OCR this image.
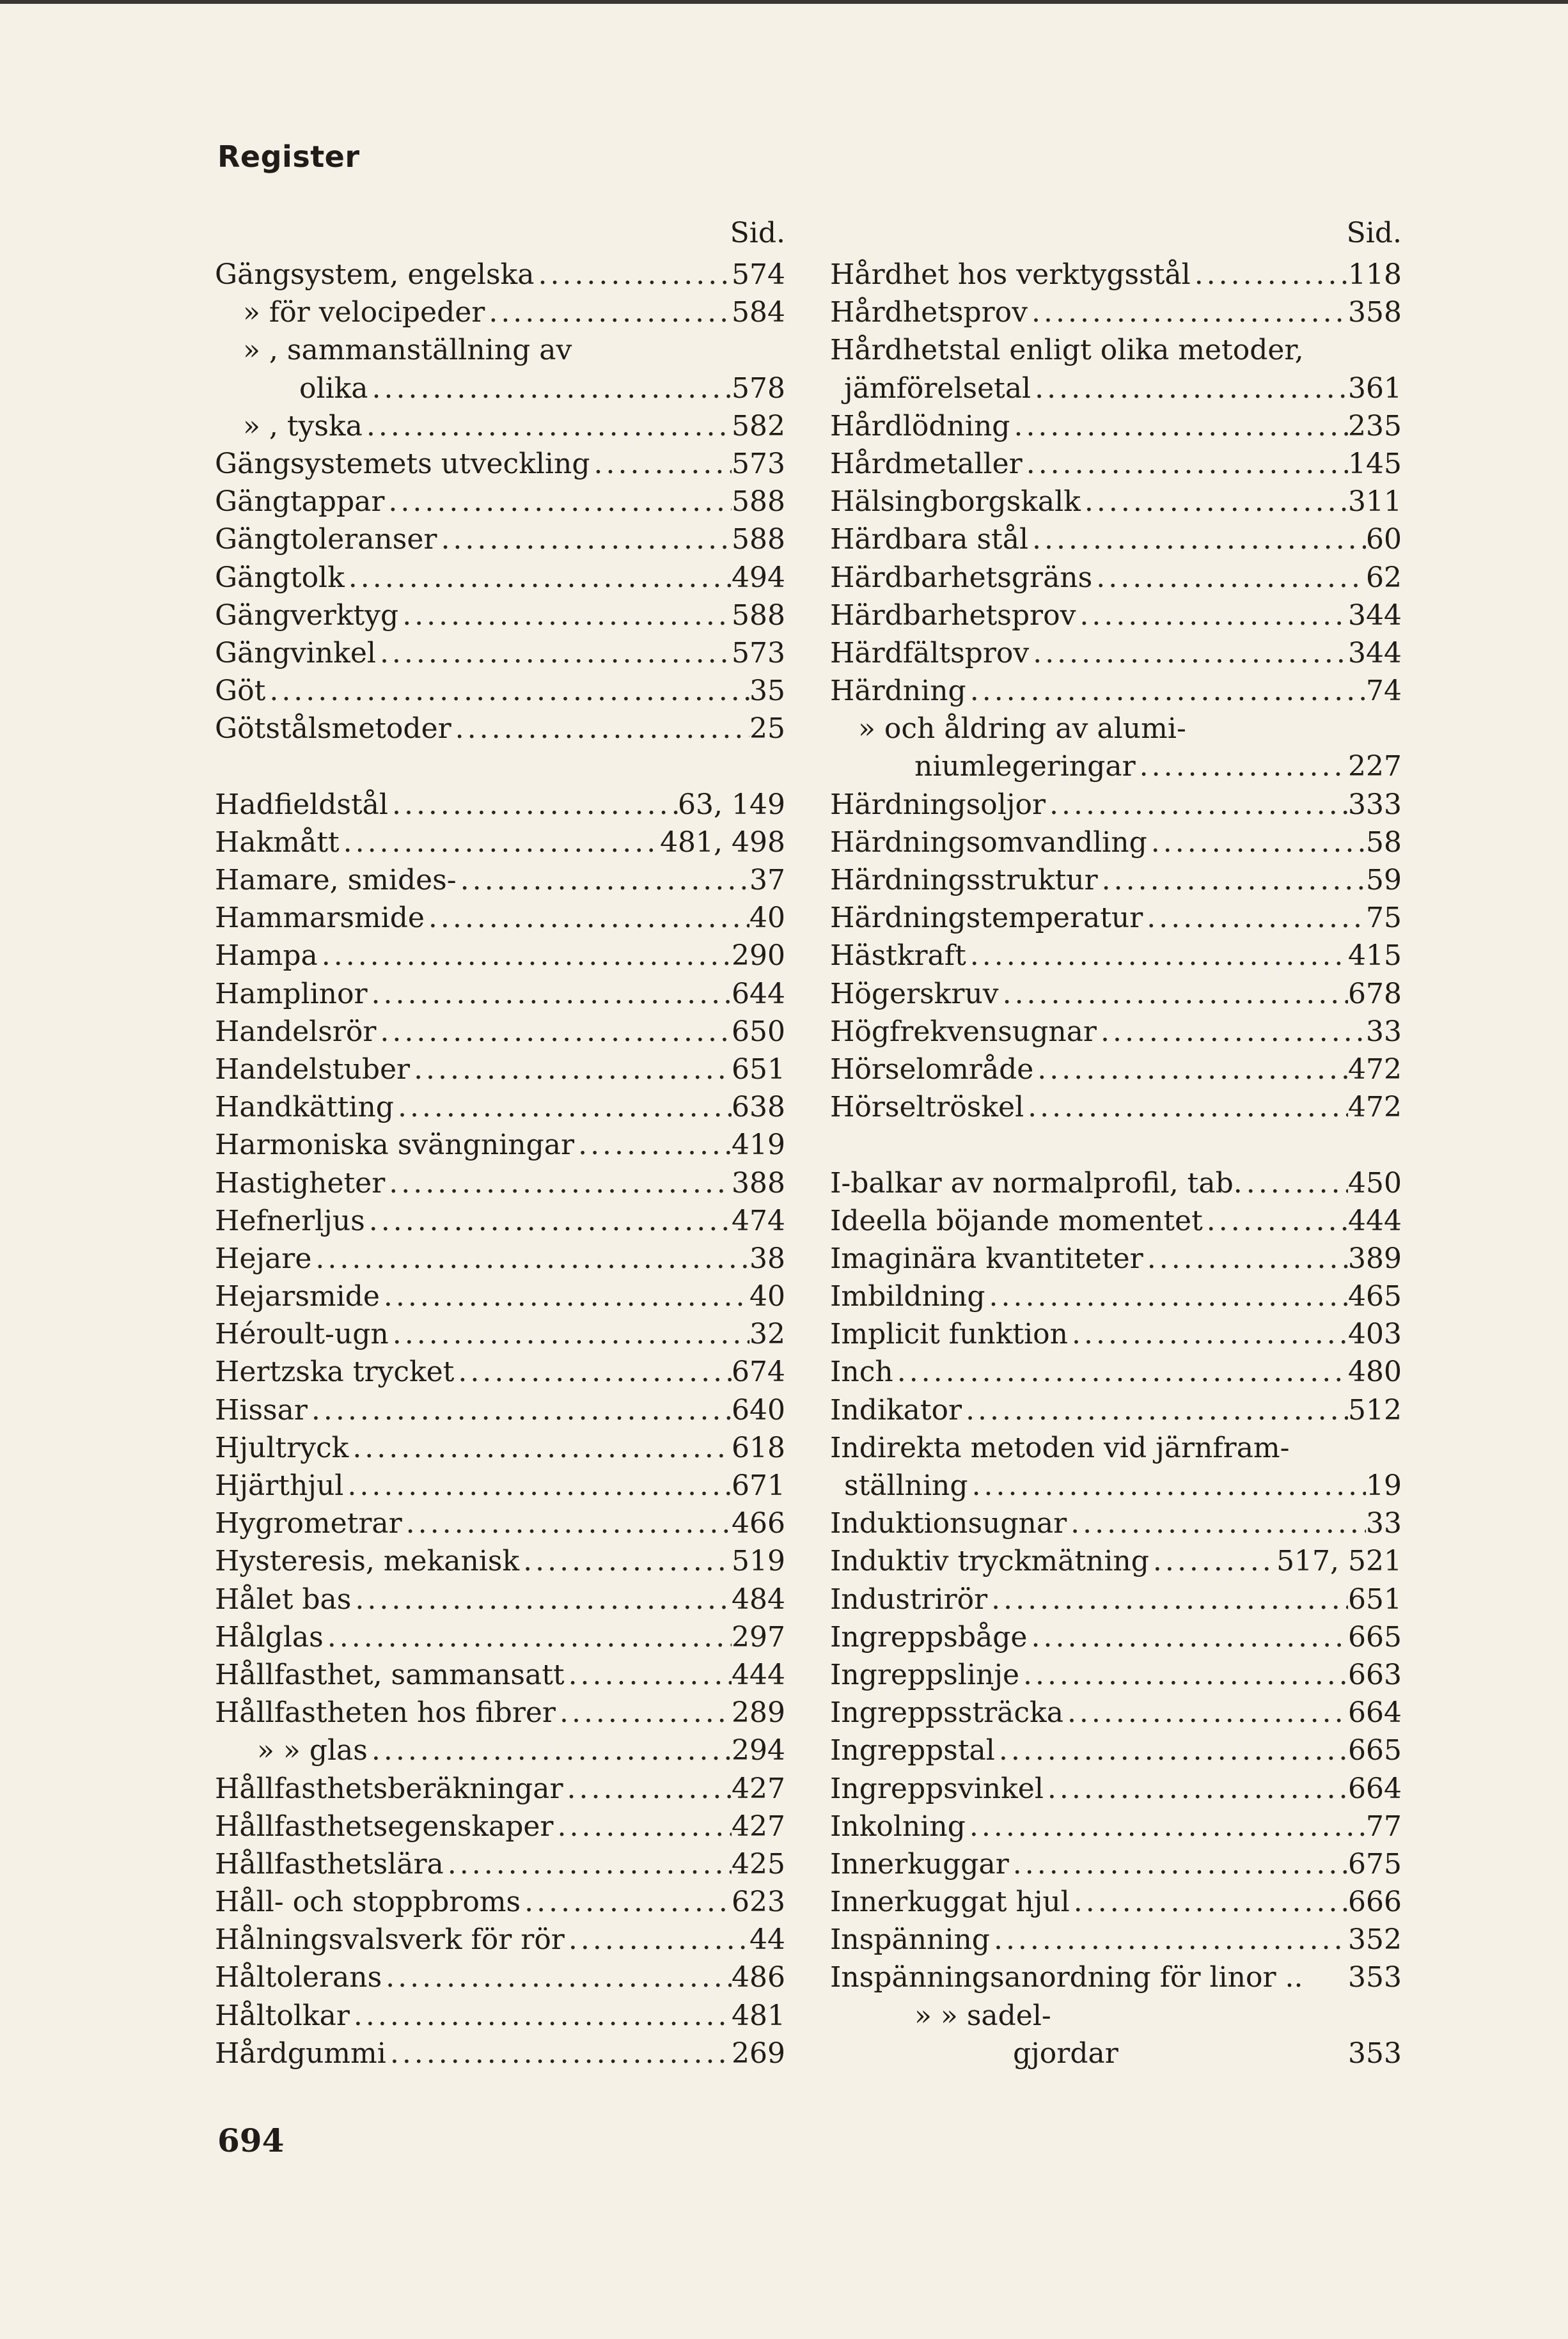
Register
Sid.
Gängsystem, engelska .....	574
» för velocipeder .....	584
» , sammanställning av
olika .....	578
» , tyska .....	582
Gängsystemets utveckling .....	573
Gängtappar .....	588
Gängtoleranser .....	588
Gängtolk .....	494
Gängverktyg .....	588
Gängvinkel .....	573
Göt .....	35
Götstålsmetoder .....	25
Hadfieldstål .....	63, 149
Hakmått .....	481, 498
Hamare, smides- .....	37
Hammarsmide .....	40
Hampa .....	290
Hamplinor .....	644
Handelsrör .....	650
Handelstuber .....	651
Handkätting .....	638
Harmoniska svängningar .....	419
Hastigheter .....	388
Hefnerljus .....	474
Hejare .....	38
Hejarsmide .....	40
Héroult-ugn .....	32
Hertzska trycket .....	674
Hissar .....	640
Hjultryck .....	618
Hjärthjul .....	671
Hygrometrar .....	466
Hysteresis, mekanisk .....	519
Hålet bas .....	484
Hålglas .....	297
Hållfasthet, sammansatt .....	444
Hållfastheten hos fibrer .....	289
» » glas .....	294
Hållfasthetsberäkningar .....	427
Hållfasthetsegenskaper .....	427
Hållfasthetslära .....	425
Håll- och stoppbroms .....	623
Hålningsvalsverk för rör .....	44
Håltolerans .....	486
Håltolkar .....	481
Hårdgummi .....	269
Sid.
Hårdhet hos verktygsstål .....	118
Hårdhetsprov .....	358
Hårdhetstal enligt olika metoder,
jämförelsetal .....	361
Hårdlödning .....	235
Hårdmetaller .....	145
Hälsingborgskalk .....	311
Härdbara stål .....	60
Härdbarhetsgräns .....	62
Härdbarhetsprov .....	344
Härdfältsprov .....	344
Härdning .....	74
» och åldring av alumi-
niumlegeringar .....	227
Härdningsoljor .....	333
Härdningsomvandling .....	58
Härdningsstruktur .....	59
Härdningstemperatur .....	75
Hästkraft .....	415
Högerskruv .....	678
Högfrekvensugnar .....	33
Hörselområde .....	472
Hörseltröskel .....	472
I-balkar av normalprofil, tab. .....	450
Ideella böjande momentet .....	444
Imaginära kvantiteter .....	389
Imbildning .....	465
Implicit funktion .....	403
Inch .....	480
Indikator .....	512
Indirekta metoden vid järnfram-
ställning .....	19
Induktionsugnar .....	33
Induktiv tryckmätning .....	517, 521
Industrirör .....	651
Ingreppsbåge .....	665
Ingreppslinje .....	663
Ingreppssträcka .....	664
Ingreppstal .....	665
Ingreppsvinkel .....	664
Inkolning .....	77
Innerkuggar .....	675
Innerkuggat hjul .....	666
Inspänning .....	352
Inspänningsanordning för linor .. 353
» » sadel-
gjordar	353
694
